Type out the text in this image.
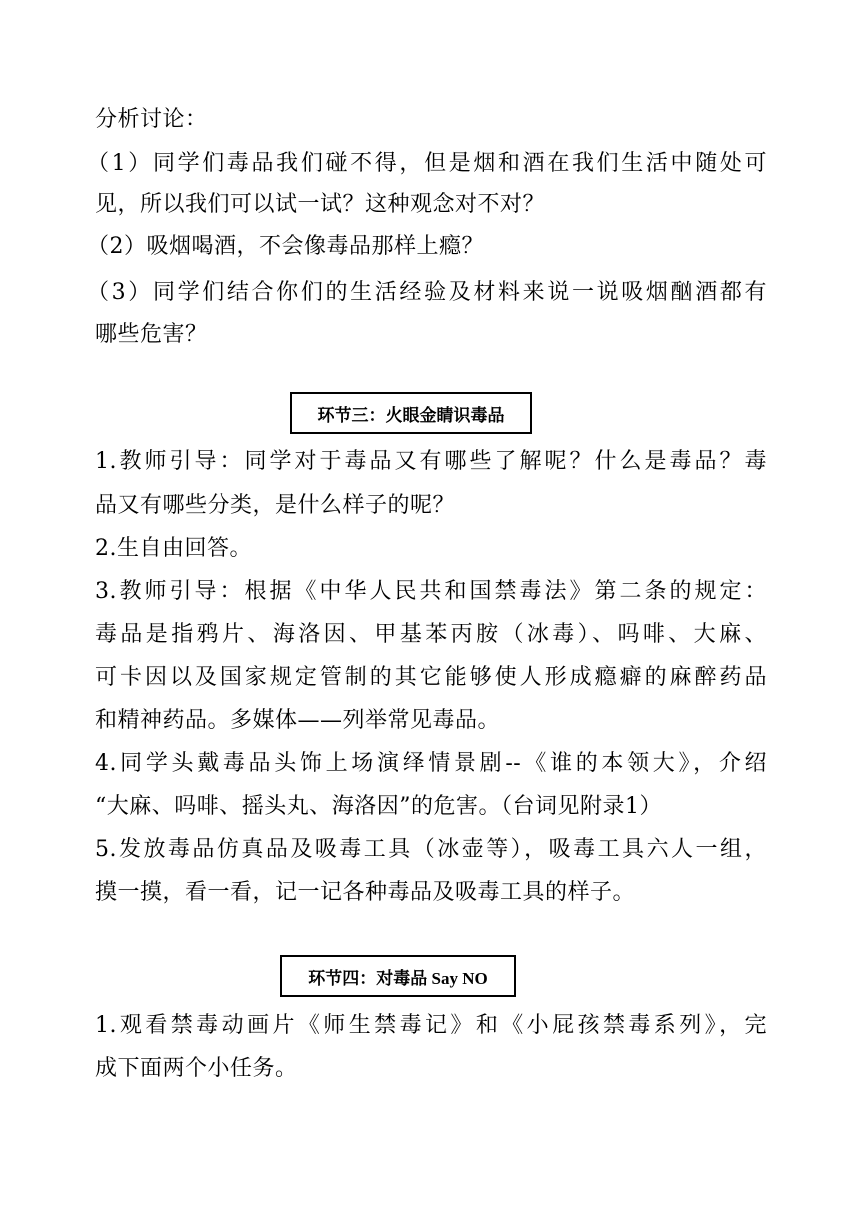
分析讨论：
（1）同学们毒品我们碰不得，但是烟和酒在我们生活中随处可
见，所以我们可以试一试？这种观念对不对？
（2）吸烟喝酒，不会像毒品那样上瘾？
（3）同学们结合你们的生活经验及材料来说一说吸烟酗酒都有
哪些危害？
环节三：火眼金睛识毒品
1.教师引导：同学对于毒品又有哪些了解呢？什么是毒品？毒
品又有哪些分类，是什么样子的呢？
2.生自由回答。
3.教师引导：根据《中华人民共和国禁毒法》第二条的规定：
毒品是指鸦片、海洛因、甲基苯丙胺（冰毒）、吗啡、大麻、
可卡因以及国家规定管制的其它能够使人形成瘾癖的麻醉药品
和精神药品。多媒体——列举常见毒品。
4.同学头戴毒品头饰上场演绎情景剧--《谁的本领大》，介绍
“大麻、吗啡、摇头丸、海洛因”的危害。（台词见附录1）
5.发放毒品仿真品及吸毒工具（冰壶等），吸毒工具六人一组，
摸一摸，看一看，记一记各种毒品及吸毒工具的样子。
环节四：对毒品 Say NO
1.观看禁毒动画片《师生禁毒记》和《小屁孩禁毒系列》，完
成下面两个小任务。
